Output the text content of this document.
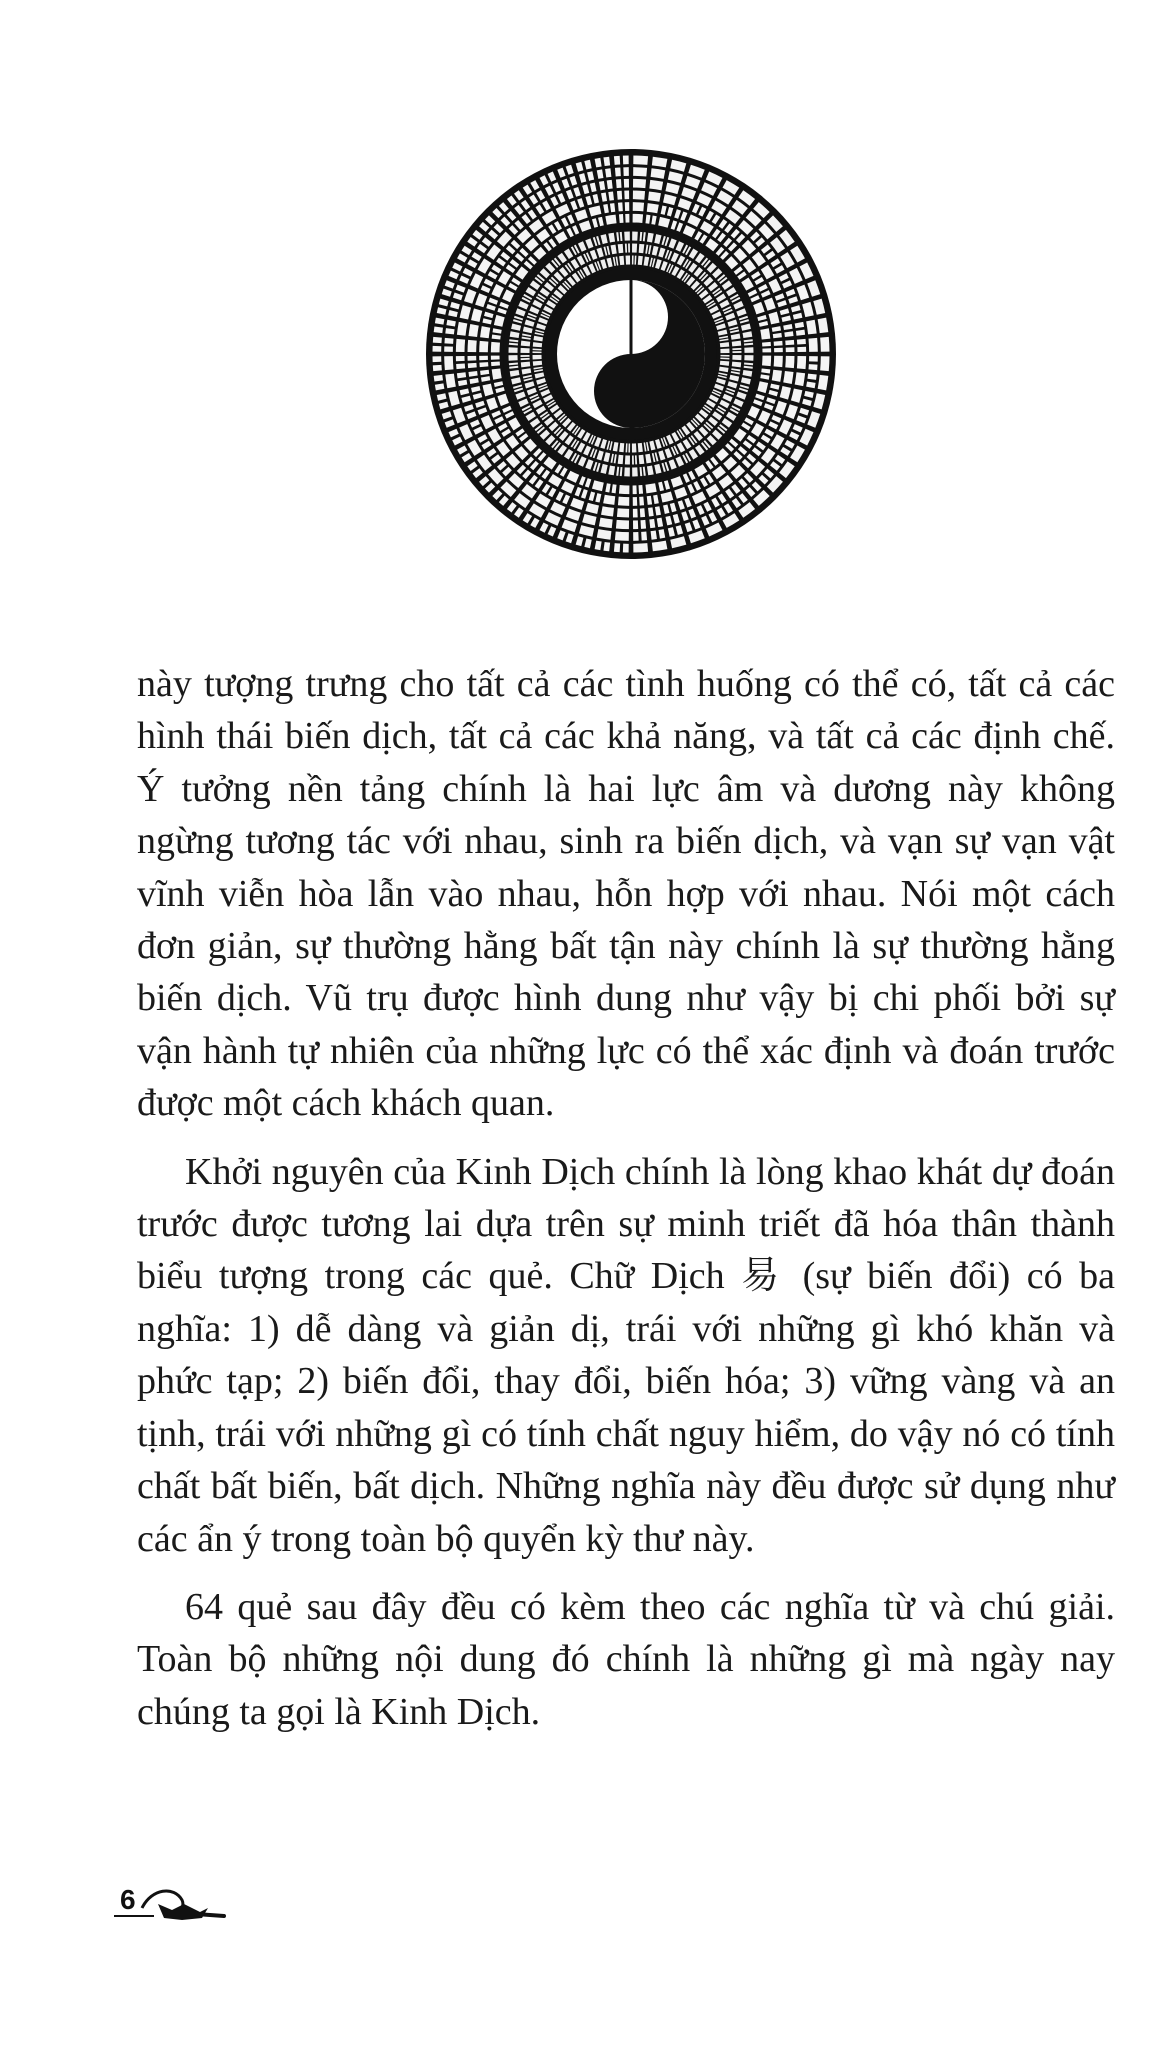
này tượng trưng cho tất cả các tình huống có thể có, tất cả các hình thái biến dịch, tất cả các khả năng, và tất cả các định chế. Ý tưởng nền tảng chính là hai lực âm và dương này không ngừng tương tác với nhau, sinh ra biến dịch, và vạn sự vạn vật vĩnh viễn hòa lẫn vào nhau, hỗn hợp với nhau. Nói một cách đơn giản, sự thường hằng bất tận này chính là sự thường hằng biến dịch. Vũ trụ được hình dung như vậy bị chi phối bởi sự vận hành tự nhiên của những lực có thể xác định và đoán trước được một cách khách quan.

Khởi nguyên của Kinh Dịch chính là lòng khao khát dự đoán trước được tương lai dựa trên sự minh triết đã hóa thân thành biểu tượng trong các quẻ. Chữ Dịch 易 (sự biến đổi) có ba nghĩa: 1) dễ dàng và giản dị, trái với những gì khó khăn và phức tạp; 2) biến đổi, thay đổi, biến hóa; 3) vững vàng và an tịnh, trái với những gì có tính chất nguy hiểm, do vậy nó có tính chất bất biến, bất dịch. Những nghĩa này đều được sử dụng như các ẩn ý trong toàn bộ quyển kỳ thư này.

64 quẻ sau đây đều có kèm theo các nghĩa từ và chú giải. Toàn bộ những nội dung đó chính là những gì mà ngày nay chúng ta gọi là Kinh Dịch.

6
